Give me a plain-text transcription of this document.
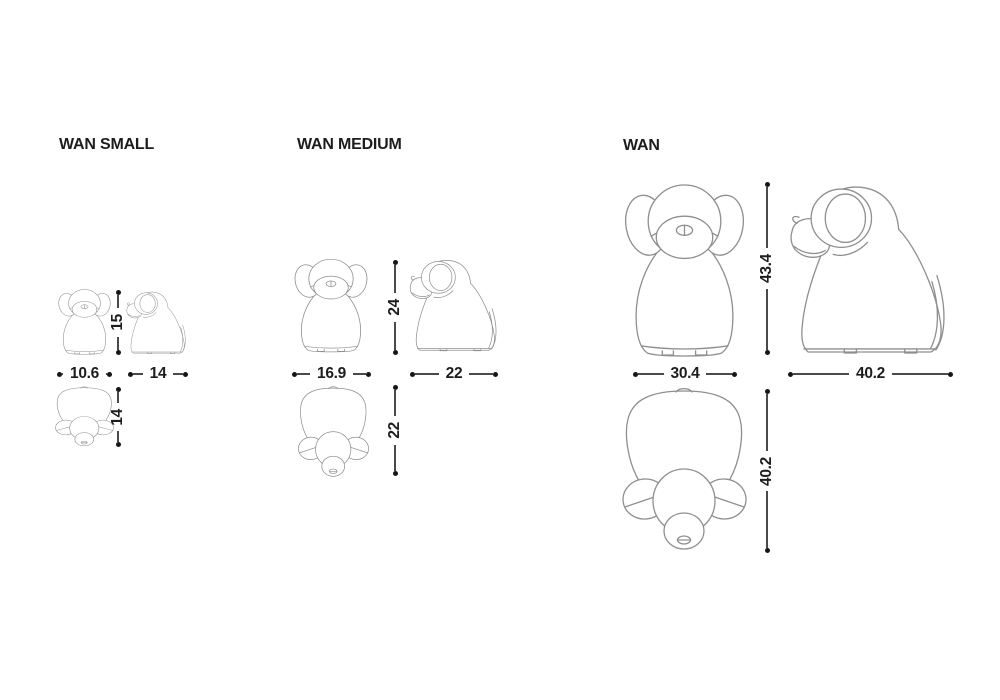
WAN SMALL
15
10.6	14
14
WAN MEDIUM
24
16.9	22
22
WAN
43.4
30.4	40.2
40.2
